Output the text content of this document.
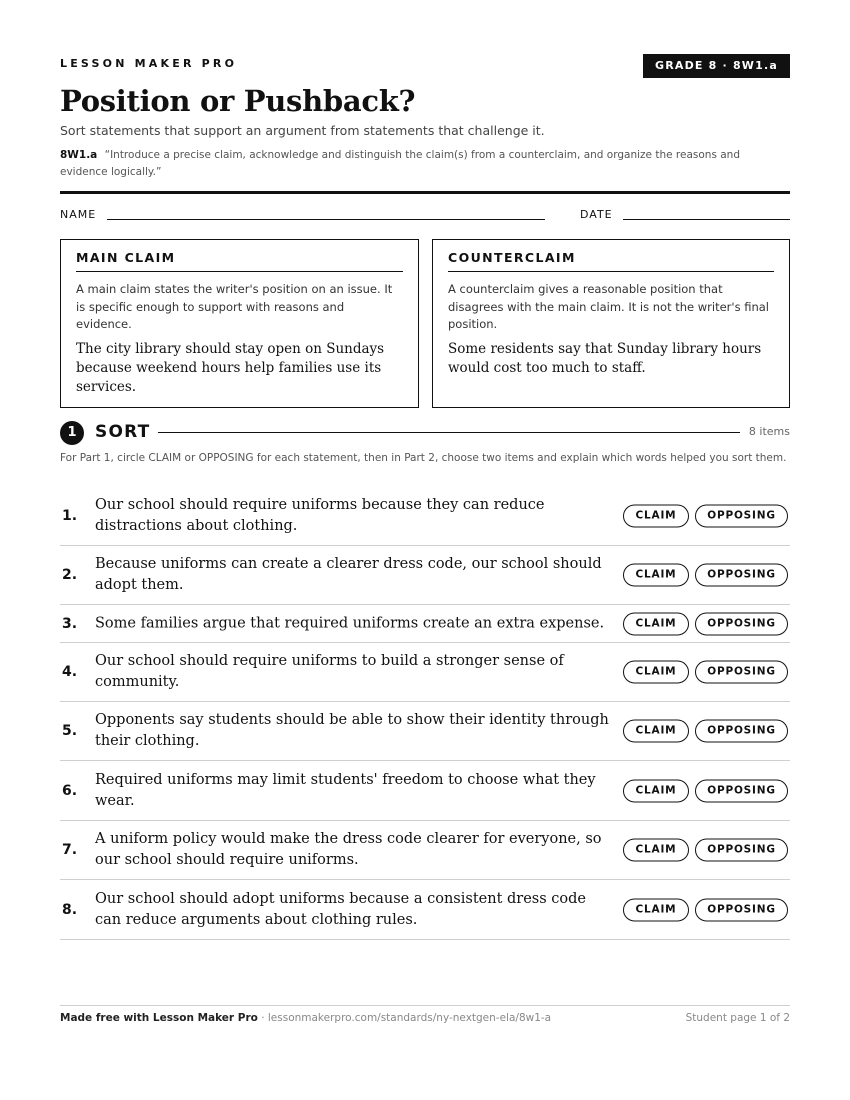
LESSON MAKER PRO	GRADE 8 · 8W1.a
Position or Pushback?
Sort statements that support an argument from statements that challenge it.
8W1.a “Introduce a precise claim, acknowledge and distinguish the claim(s) from a counterclaim, and organize the reasons and evidence logically.”
NAME	DATE
MAIN CLAIM
A main claim states the writer's position on an issue. It is specific enough to support with reasons and evidence.
The city library should stay open on Sundays because weekend hours help families use its services.
COUNTERCLAIM
A counterclaim gives a reasonable position that disagrees with the main claim. It is not the writer's final position.
Some residents say that Sunday library hours would cost too much to staff.
1	SORT	8 items
For Part 1, circle CLAIM or OPPOSING for each statement, then in Part 2, choose two items and explain which words helped you sort them.
1.
Our school should require uniforms because they can reduce distractions about clothing.
CLAIM	OPPOSING
2.
Because uniforms can create a clearer dress code, our school should adopt them.
CLAIM	OPPOSING
3. Some families argue that required uniforms create an extra expense.	CLAIM	OPPOSING
4.
Our school should require uniforms to build a stronger sense of community.
CLAIM	OPPOSING
5.
Opponents say students should be able to show their identity through their clothing.
CLAIM	OPPOSING
6.
Required uniforms may limit students' freedom to choose what they wear.
CLAIM	OPPOSING
7.
A uniform policy would make the dress code clearer for everyone, so our school should require uniforms.
CLAIM	OPPOSING
8.
Our school should adopt uniforms because a consistent dress code can reduce arguments about clothing rules.
CLAIM	OPPOSING
Made free with Lesson Maker Pro · lessonmakerpro.com/standards/ny-nextgen-ela/8w1-a	Student page 1 of 2
